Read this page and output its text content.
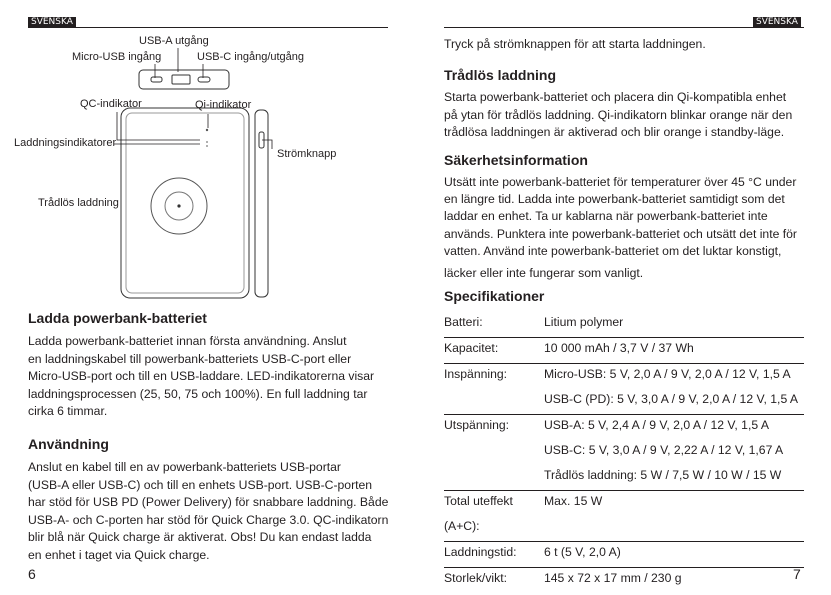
SVENSKA	SVENSKA
USB-A utgång
Micro-USB ingång	USB-C ingång/utgång
QC-indikator	Qi-indikator
Laddningsindikatorer
Strömknapp
Trådlös laddning
Ladda powerbank-batteriet
Ladda powerbank-batteriet innan första användning. Anslut
en laddningskabel till powerbank-batteriets USB-C-port eller
Micro-USB-port och till en USB-laddare. LED-indikatorerna visar
laddningsprocessen (25, 50, 75 och 100%). En full laddning tar
cirka 6 timmar.
Användning
Anslut en kabel till en av powerbank-batteriets USB-portar
(USB-A eller USB-C) och till en enhets USB-port. USB-C-porten
har stöd för USB PD (Power Delivery) för snabbare laddning. Både
USB-A- och C-porten har stöd för Quick Charge 3.0. QC-indikatorn
blir blå när Quick charge är aktiverat. Obs! Du kan endast ladda
en enhet i taget via Quick charge.
6
Tryck på strömknappen för att starta laddningen.
Trådlös laddning
Starta powerbank-batteriet och placera din Qi-kompatibla enhet
på ytan för trådlös laddning. Qi-indikatorn blinkar orange när den
trådlösa laddningen är aktiverad och blir orange i standby-läge.
Säkerhetsinformation
Utsätt inte powerbank-batteriet för temperaturer över 45 °C under
en längre tid. Ladda inte powerbank-batteriet samtidigt som det
laddar en enhet. Ta ur kablarna när powerbank-batteriet inte
används. Punktera inte powerbank-batteriet och utsätt det inte för
vatten. Använd inte powerbank-batteriet om det luktar konstigt,
läcker eller inte fungerar som vanligt.
Specifikationer
Batteri:	Litium polymer

Kapacitet:	10 000 mAh / 3,7 V / 37 Wh

Inspänning:	Micro-USB: 5 V, 2,0 A / 9 V, 2,0 A / 12 V, 1,5 A
USB-C (PD): 5 V, 3,0 A / 9 V, 2,0 A / 12 V, 1,5 A

Utspänning:	USB-A: 5 V, 2,4 A / 9 V, 2,0 A / 12 V, 1,5 A
USB-C: 5 V, 3,0 A / 9 V, 2,22 A / 12 V, 1,67 A
Trådlös laddning: 5 W / 7,5 W / 10 W / 15 W

Total uteffekt
(A+C):	Max. 15 W

Laddningstid:	6 t (5 V, 2,0 A)

Storlek/vikt:	145 x 72 x 17 mm / 230 g	7
